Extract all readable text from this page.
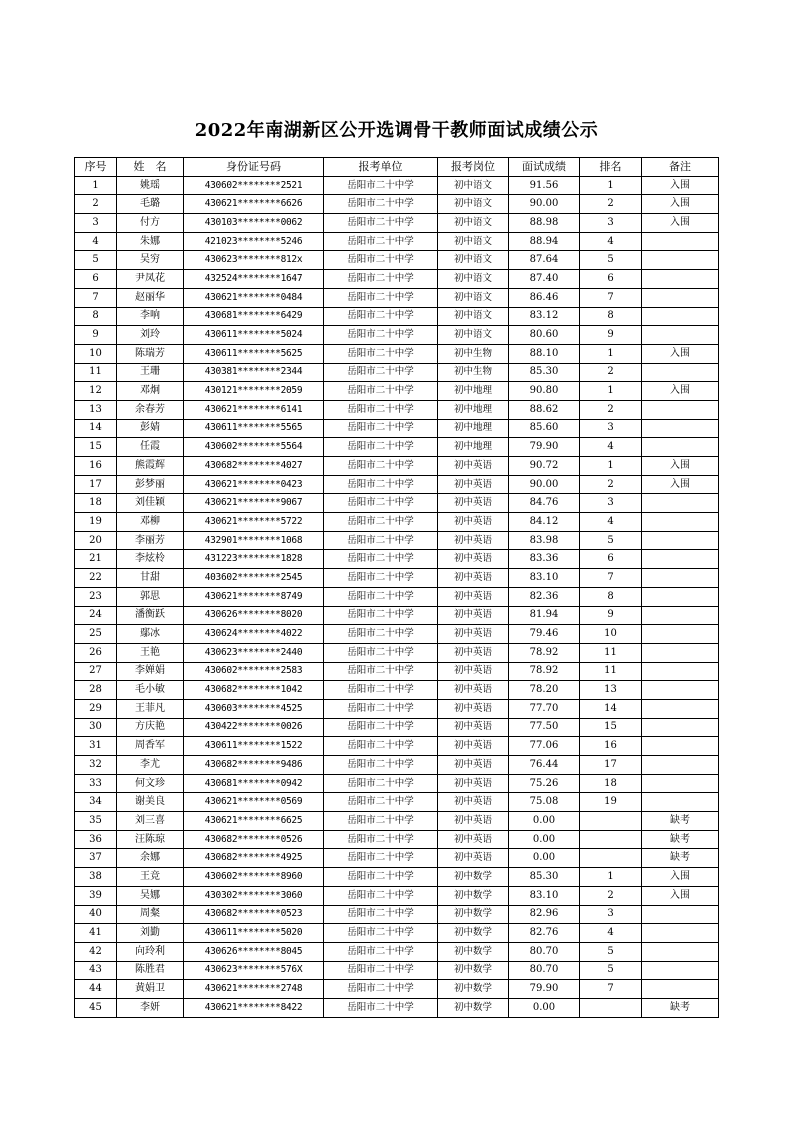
2022年南湖新区公开选调骨干教师面试成绩公示
序号	姓　名	身份证号码	报考单位	报考岗位	面试成绩	排名	备注
1	姚瑶	430602********2521	岳阳市二十中学	初中语文	91.56	1	入围
2	毛璐	430621********6626	岳阳市二十中学	初中语文	90.00	2	入围
3	付方	430103********0062	岳阳市二十中学	初中语文	88.98	3	入围
4	朱娜	421023********5246	岳阳市二十中学	初中语文	88.94	4	
5	吴穷	430623********812x	岳阳市二十中学	初中语文	87.64	5	
6	尹凤花	432524********1647	岳阳市二十中学	初中语文	87.40	6	
7	赵丽华	430621********0484	岳阳市二十中学	初中语文	86.46	7	
8	李响	430681********6429	岳阳市二十中学	初中语文	83.12	8	
9	刘玲	430611********5024	岳阳市二十中学	初中语文	80.60	9	
10	陈瑞芳	430611********5625	岳阳市二十中学	初中生物	88.10	1	入围
11	王珊	430381********2344	岳阳市二十中学	初中生物	85.30	2	
12	邓炯	430121********2059	岳阳市二十中学	初中地理	90.80	1	入围
13	余春芳	430621********6141	岳阳市二十中学	初中地理	88.62	2	
14	彭婧	430611********5565	岳阳市二十中学	初中地理	85.60	3	
15	任霞	430602********5564	岳阳市二十中学	初中地理	79.90	4	
16	熊霞辉	430682********4027	岳阳市二十中学	初中英语	90.72	1	入围
17	彭梦丽	430621********0423	岳阳市二十中学	初中英语	90.00	2	入围
18	刘佳颖	430621********9067	岳阳市二十中学	初中英语	84.76	3	
19	邓柳	430621********5722	岳阳市二十中学	初中英语	84.12	4	
20	李丽芳	432901********1068	岳阳市二十中学	初中英语	83.98	5	
21	李炫柃	431223********1828	岳阳市二十中学	初中英语	83.36	6	
22	甘甜	403602********2545	岳阳市二十中学	初中英语	83.10	7	
23	郭思	430621********8749	岳阳市二十中学	初中英语	82.36	8	
24	潘衡跃	430626********8020	岳阳市二十中学	初中英语	81.94	9	
25	鄢冰	430624********4022	岳阳市二十中学	初中英语	79.46	10	
26	王艳	430623********2440	岳阳市二十中学	初中英语	78.92	11	
27	李婵娟	430602********2583	岳阳市二十中学	初中英语	78.92	11	
28	毛小敏	430682********1042	岳阳市二十中学	初中英语	78.20	13	
29	王菲凡	430603********4525	岳阳市二十中学	初中英语	77.70	14	
30	方庆艳	430422********0026	岳阳市二十中学	初中英语	77.50	15	
31	周香军	430611********1522	岳阳市二十中学	初中英语	77.06	16	
32	李尤	430682********9486	岳阳市二十中学	初中英语	76.44	17	
33	何文珍	430681********0942	岳阳市二十中学	初中英语	75.26	18	
34	谢美良	430621********0569	岳阳市二十中学	初中英语	75.08	19	
35	刘三喜	430621********6625	岳阳市二十中学	初中英语	0.00		缺考
36	汪陈琼	430682********0526	岳阳市二十中学	初中英语	0.00		缺考
37	余娜	430682********4925	岳阳市二十中学	初中英语	0.00		缺考
38	王竞	430602********8960	岳阳市二十中学	初中数学	85.30	1	入围
39	吴娜	430302********3060	岳阳市二十中学	初中数学	83.10	2	入围
40	周粲	430682********0523	岳阳市二十中学	初中数学	82.96	3	
41	刘勤	430611********5020	岳阳市二十中学	初中数学	82.76	4	
42	向玲利	430626********8045	岳阳市二十中学	初中数学	80.70	5	
43	陈胜君	430623********576X	岳阳市二十中学	初中数学	80.70	5	
44	黄娟卫	430621********2748	岳阳市二十中学	初中数学	79.90	7	
45	李妍	430621********8422	岳阳市二十中学	初中数学	0.00		缺考
